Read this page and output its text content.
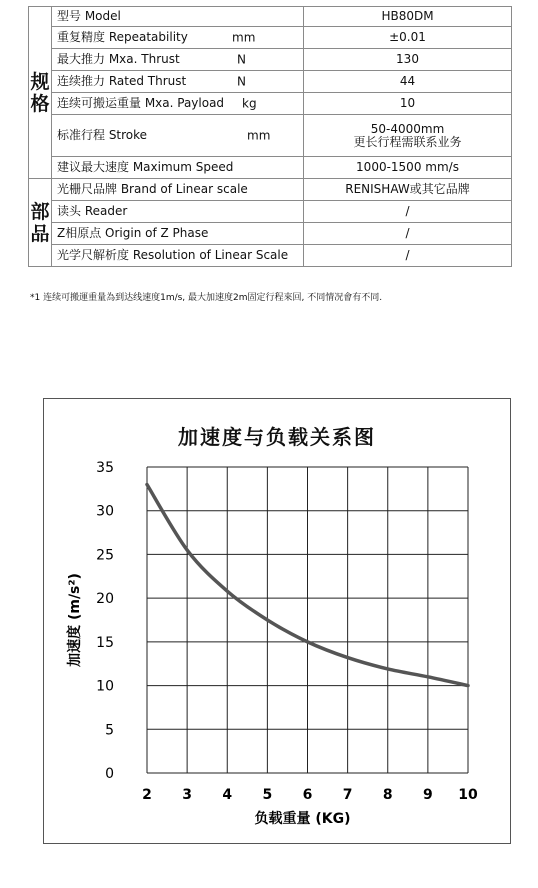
规
格	型号 Model	HB80DM

	重复精度 Repeatability mm	±0.01

	最大推力 Mxa. Thrust N	130

	连续推力 Rated Thrust N	44

	连续可搬运重量 Mxa. Payload kg	10

	标准行程 Stroke mm	50-4000mm
更长行程需联系业务

	建议最大速度 Maximum Speed	1000-1500 mm/s

部
品	光栅尺品牌 Brand of Linear scale	RENISHAW或其它品牌

	读头 Reader	/

	Z相原点 Origin of Z Phase	/

	光学尺解析度 Resolution of Linear Scale	/
*1 连续可搬運重量為到达线速度1m/s, 最大加速度2m固定行程來回, 不同情况會有不同.
加速度与负载关系图
0
5
10
15
20
25
30
35
2 3 4 5 6 7 8 9 10
负载重量 (KG)
加速度 (m/s²)
